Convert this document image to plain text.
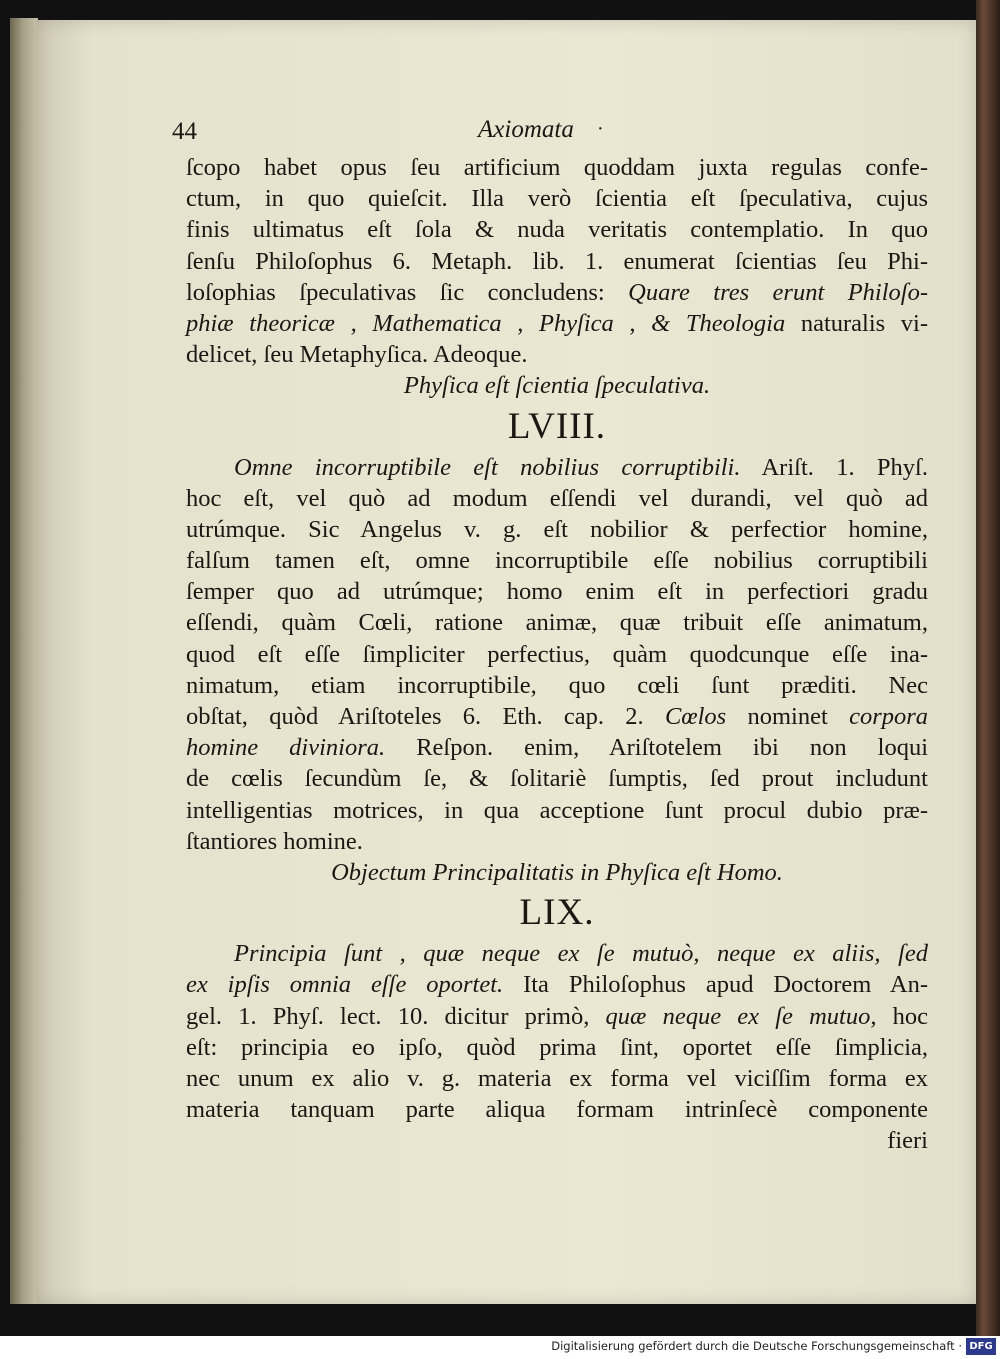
44	Axiomata ·
ſcopo habet opus ſeu artificium quoddam juxta regulas confe-
ctum, in quo quieſcit. Illa verò ſcientia eſt ſpeculativa, cujus
finis ultimatus eſt ſola & nuda veritatis contemplatio. In quo
ſenſu Philoſophus 6. Metaph. lib. 1. enumerat ſcientias ſeu Phi-
loſophias ſpeculativas ſic concludens: Quare tres erunt Philoſo-
phiæ theoricæ , Mathematica , Phyſica , & Theologia naturalis vi-
delicet, ſeu Metaphyſica. Adeoque.
Phyſica eſt ſcientia ſpeculativa.
LVIII.
Omne incorruptibile eſt nobilius corruptibili. Ariſt. 1. Phyſ.
hoc eſt, vel quò ad modum eſſendi vel durandi, vel quò ad
utrúmque. Sic Angelus v. g. eſt nobilior & perfectior homine,
falſum tamen eſt, omne incorruptibile eſſe nobilius corruptibili
ſemper quo ad utrúmque; homo enim eſt in perfectiori gradu
eſſendi, quàm Cœli, ratione animæ, quæ tribuit eſſe animatum,
quod eſt eſſe ſimpliciter perfectius, quàm quodcunque eſſe ina-
nimatum, etiam incorruptibile, quo cœli ſunt præditi. Nec
obſtat, quòd Ariſtoteles 6. Eth. cap. 2. Cœlos nominet corpora
homine diviniora. Reſpon. enim, Ariſtotelem ibi non loqui
de cœlis ſecundùm ſe, & ſolitariè ſumptis, ſed prout includunt
intelligentias motrices, in qua acceptione ſunt procul dubio præ-
ſtantiores homine.
Objectum Principalitatis in Phyſica eſt Homo.
LIX.
Principia ſunt , quæ neque ex ſe mutuò, neque ex aliis, ſed
ex ipſis omnia eſſe oportet. Ita Philoſophus apud Doctorem An-
gel. 1. Phyſ. lect. 10. dicitur primò, quæ neque ex ſe mutuo, hoc
eſt: principia eo ipſo, quòd prima ſint, oportet eſſe ſimplicia,
nec unum ex alio v. g. materia ex forma vel viciſſim forma ex
materia tanquam parte aliqua formam intrinſecè componente
fieri
Digitalisierung gefördert durch die Deutsche Forschungsgemeinschaft · DFG
